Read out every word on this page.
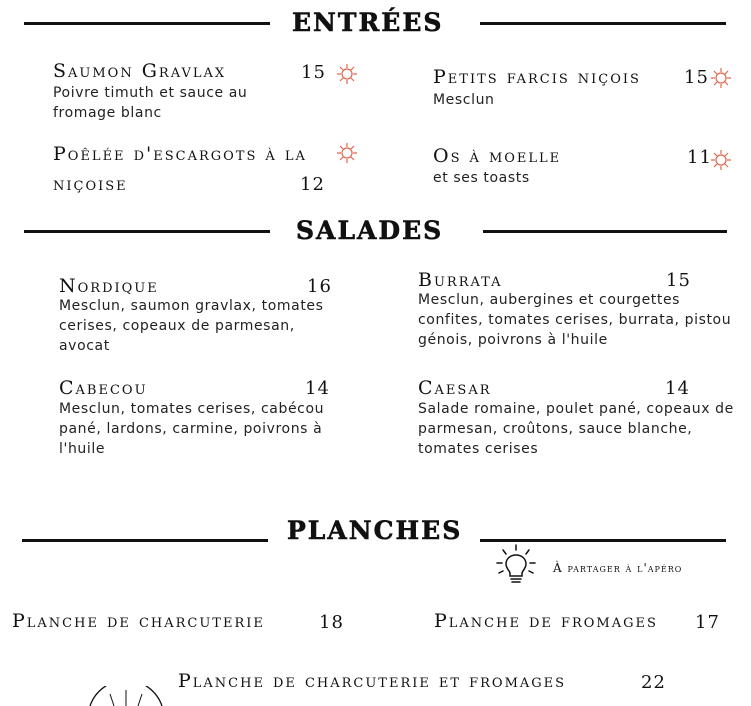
ENTRÉES
Saumon Gravlax	15
Poivre timuth et sauce au fromage blanc
Petits farcis niçois 15
Mesclun
Poêlée d'escargots à la
niçoise	12
Os à moelle	11
et ses toasts
SALADES
Nordique	16
Mesclun, saumon gravlax, tomates cerises, copeaux de parmesan, avocat
Burrata	15
Mesclun, aubergines et courgettes confites, tomates cerises, burrata, pistou génois, poivrons à l'huile
Cabecou	14
Mesclun, tomates cerises, cabécou pané, lardons, carmine, poivrons à l'huile
Caesar	14
Salade romaine, poulet pané, copeaux de parmesan, croûtons, sauce blanche, tomates cerises
PLANCHES
À partager à l'apéro
Planche de charcuterie	18	Planche de fromages 17
Planche de charcuterie et fromages	22
